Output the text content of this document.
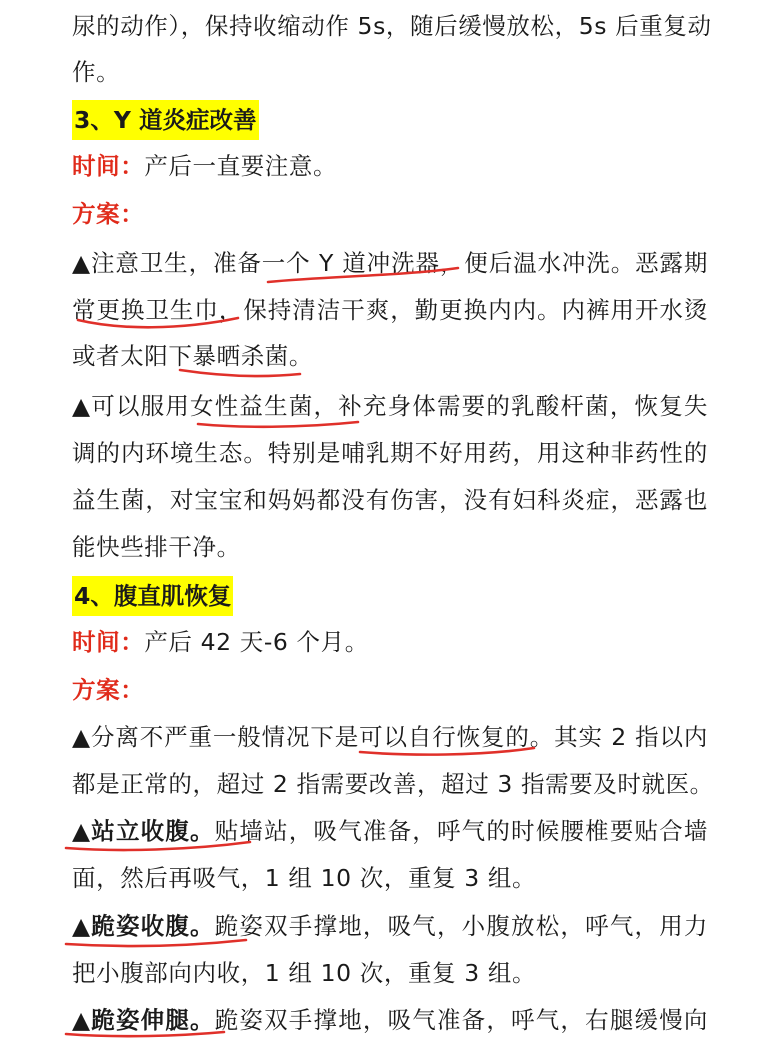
尿的动作），保持收缩动作 5s，随后缓慢放松，5s 后重复动
作。
3、Y 道炎症改善
时间：产后一直要注意。
方案：
▲注意卫生，准备一个 Y 道冲洗器，便后温水冲洗。恶露期
常更换卫生巾，保持清洁干爽，勤更换内内。内裤用开水烫
或者太阳下暴晒杀菌。
▲可以服用女性益生菌，补充身体需要的乳酸杆菌，恢复失
调的内环境生态。特别是哺乳期不好用药，用这种非药性的
益生菌，对宝宝和妈妈都没有伤害，没有妇科炎症，恶露也
能快些排干净。
4、腹直肌恢复
时间：产后 42 天-6 个月。
方案：
▲分离不严重一般情况下是可以自行恢复的。其实 2 指以内
都是正常的，超过 2 指需要改善，超过 3 指需要及时就医。
▲站立收腹。贴墙站，吸气准备，呼气的时候腰椎要贴合墙
面，然后再吸气，1 组 10 次，重复 3 组。
▲跪姿收腹。跪姿双手撑地，吸气，小腹放松，呼气，用力
把小腹部向内收，1 组 10 次，重复 3 组。
▲跪姿伸腿。跪姿双手撑地，吸气准备，呼气，右腿缓慢向
